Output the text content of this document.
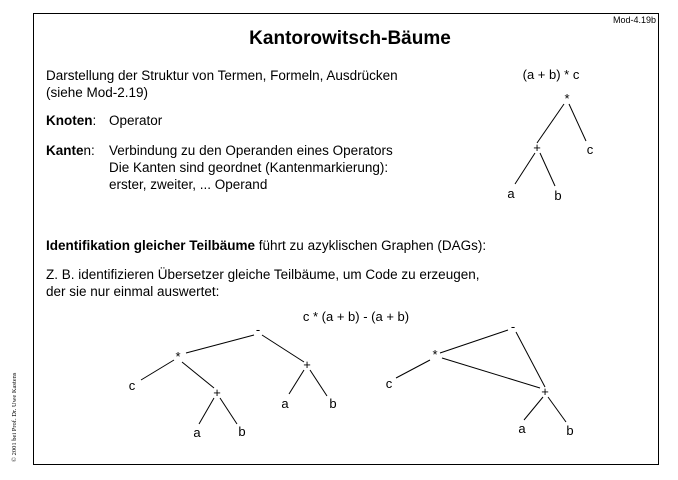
Mod-4.19b
Kantorowitsch-Bäume
Darstellung der Struktur von Termen, Formeln, Ausdrücken
(siehe Mod-2.19)
Knoten: Operator
Kanten: Verbindung zu den Operanden eines Operators
Die Kanten sind geordnet (Kantenmarkierung):
erster, zweiter, ... Operand
Identifikation gleicher Teilbäume führt zu azyklischen Graphen (DAGs):
Z. B. identifizieren Übersetzer gleiche Teilbäume, um Code zu erzeugen,
der sie nur einmal auswertet:
(a + b) * c
*
+	c
a	b
c * (a + b) - (a + b)
-
*
c	+
a	b
+
a	b
-
*
c
+
a	b
© 2001 bei Prof. Dr. Uwe Kastens
